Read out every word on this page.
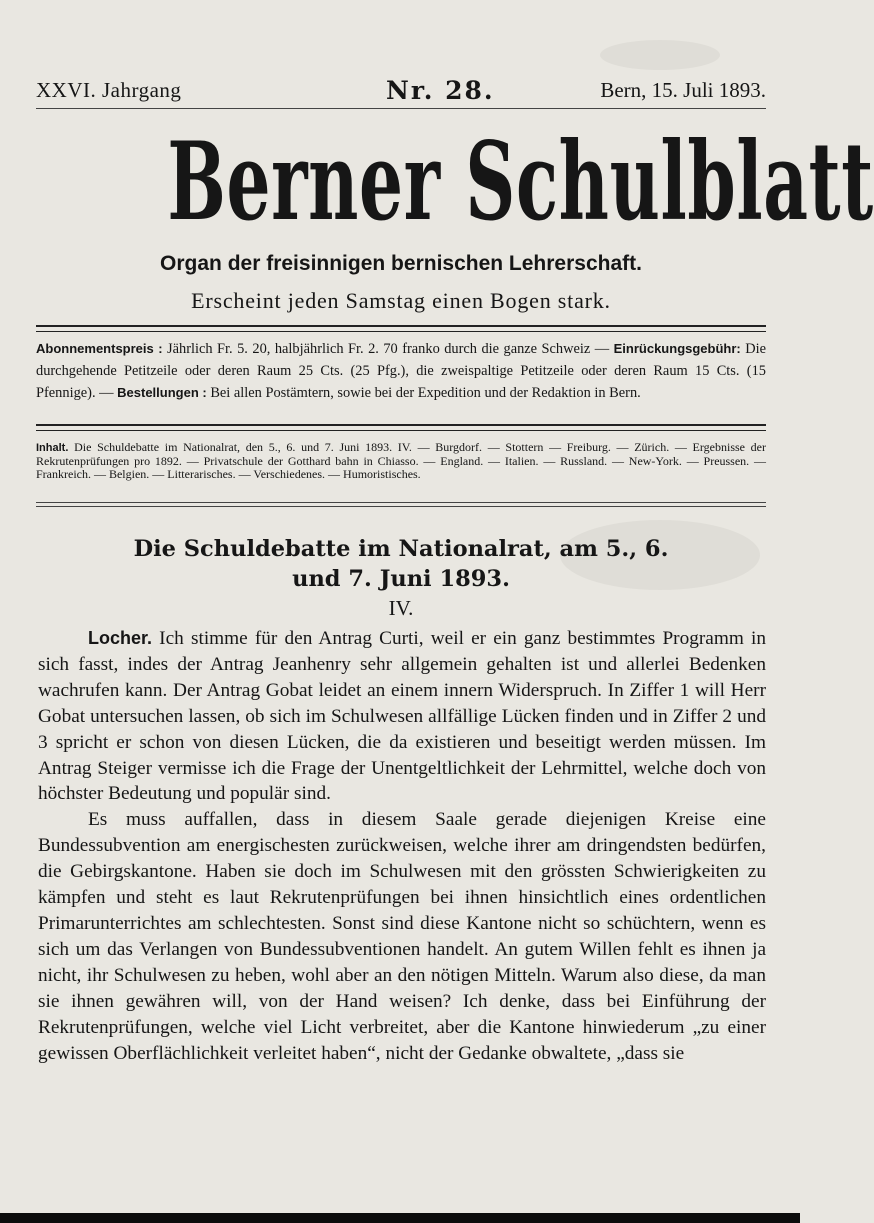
XXVI. Jahrgang	Nr. 28.	Bern, 15. Juli 1893.
Berner Schulblatt
Organ der freisinnigen bernischen Lehrerschaft.
Erscheint jeden Samstag einen Bogen stark.

Abonnementspreis : Jährlich Fr. 5. 20, halbjährlich Fr. 2. 70 franko durch die ganze Schweiz — Einrückungsgebühr: Die durchgehende Petitzeile oder deren Raum 25 Cts. (25 Pfg.), die zweispaltige Petitzeile oder deren Raum 15 Cts. (15 Pfennige). — Bestellungen : Bei allen Postämtern, sowie bei der Expedition und der Redaktion in Bern.

Inhalt. Die Schuldebatte im Nationalrat, den 5., 6. und 7. Juni 1893. IV. — Burgdorf. — Stottern — Freiburg. — Zürich. — Ergebnisse der Rekrutenprüfungen pro 1892. — Privatschule der Gotthard bahn in Chiasso. — England. — Italien. — Russland. — New-York. — Preussen. — Frankreich. — Belgien. — Litterarisches. — Verschiedenes. — Humoristisches.
Die Schuldebatte im Nationalrat, am 5., 6.
und 7. Juni 1893.
IV.

Locher. Ich stimme für den Antrag Curti, weil er ein ganz bestimmtes Programm in sich fasst, indes der Antrag Jeanhenry sehr allgemein gehalten ist und allerlei Bedenken wachrufen kann. Der Antrag Gobat leidet an einem innern Widerspruch. In Ziffer 1 will Herr Gobat untersuchen lassen, ob sich im Schulwesen allfällige Lücken finden und in Ziffer 2 und 3 spricht er schon von diesen Lücken, die da existieren und beseitigt werden müssen. Im Antrag Steiger vermisse ich die Frage der Unentgeltlichkeit der Lehrmittel, welche doch von höchster Bedeutung und populär sind.

Es muss auffallen, dass in diesem Saale gerade diejenigen Kreise eine Bundessubvention am energischesten zurückweisen, welche ihrer am dringendsten bedürfen, die Gebirgskantone. Haben sie doch im Schulwesen mit den grössten Schwierigkeiten zu kämpfen und steht es laut Rekrutenprüfungen bei ihnen hinsichtlich eines ordentlichen Primarunterrichtes am schlechtesten. Sonst sind diese Kantone nicht so schüchtern, wenn es sich um das Verlangen von Bundessubventionen handelt. An gutem Willen fehlt es ihnen ja nicht, ihr Schulwesen zu heben, wohl aber an den nötigen Mitteln. Warum also diese, da man sie ihnen gewähren will, von der Hand weisen? Ich denke, dass bei Einführung der Rekrutenprüfungen, welche viel Licht verbreitet, aber die Kantone hinwiederum „zu einer gewissen Oberflächlichkeit verleitet haben“, nicht der Gedanke obwaltete, „dass sie
